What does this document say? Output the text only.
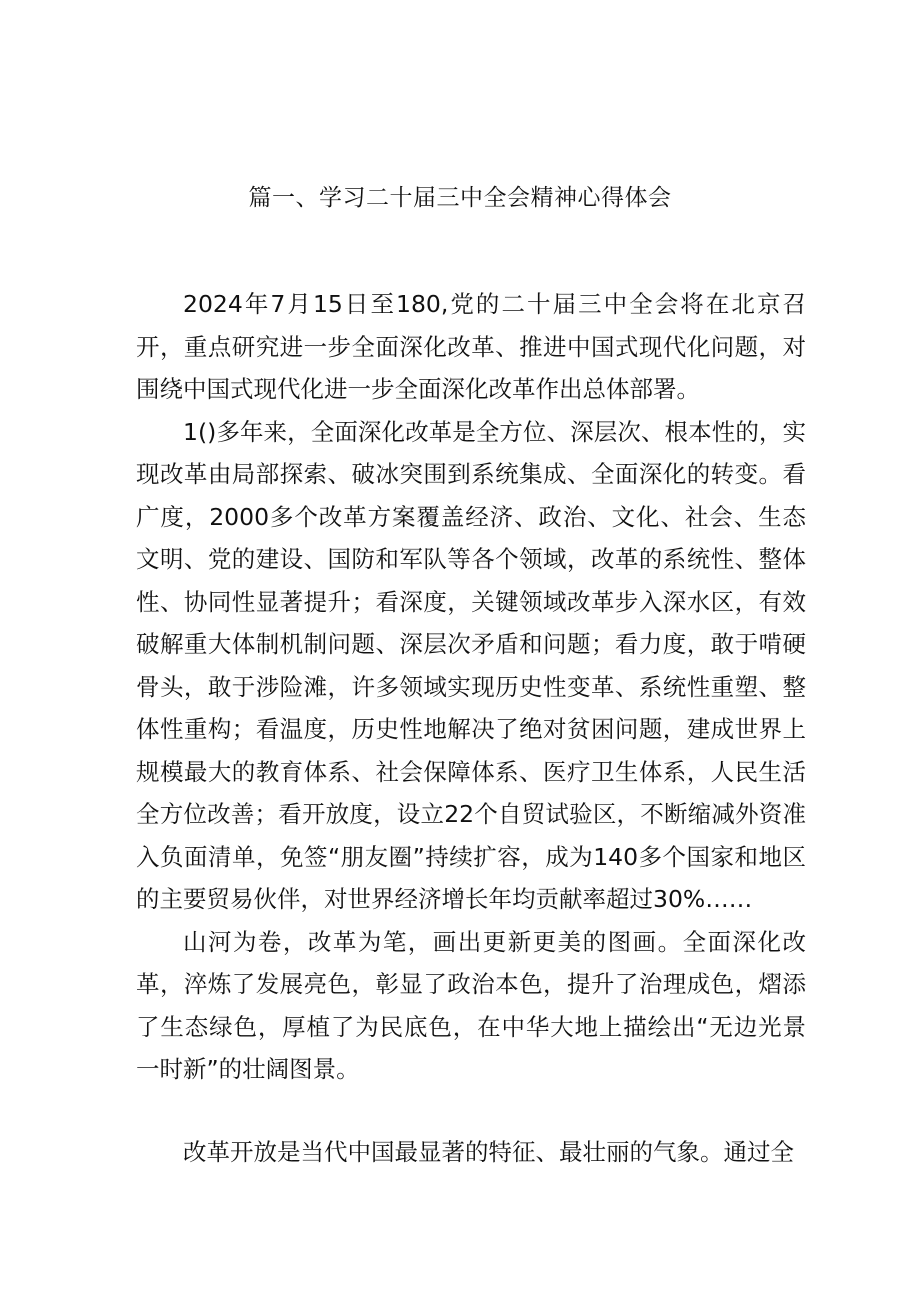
篇一、学习二十届三中全会精神心得体会

2024年7月15日至180,党的二十届三中全会将在北京召开，重点研究进一步全面深化改革、推进中国式现代化问题，对围绕中国式现代化进一步全面深化改革作出总体部署。

1()多年来，全面深化改革是全方位、深层次、根本性的，实现改革由局部探索、破冰突围到系统集成、全面深化的转变。看广度，2000多个改革方案覆盖经济、政治、文化、社会、生态文明、党的建设、国防和军队等各个领域，改革的系统性、整体性、协同性显著提升；看深度，关键领域改革步入深水区，有效破解重大体制机制问题、深层次矛盾和问题；看力度，敢于啃硬骨头，敢于涉险滩，许多领域实现历史性变革、系统性重塑、整体性重构；看温度，历史性地解决了绝对贫困问题，建成世界上规模最大的教育体系、社会保障体系、医疗卫生体系，人民生活全方位改善；看开放度，设立22个自贸试验区，不断缩减外资准入负面清单，免签“朋友圈”持续扩容，成为140多个国家和地区的主要贸易伙伴，对世界经济增长年均贡献率超过30%……

山河为卷，改革为笔，画出更新更美的图画。全面深化改革，淬炼了发展亮色，彰显了政治本色，提升了治理成色，熠添了生态绿色，厚植了为民底色，在中华大地上描绘出“无边光景一时新”的壮阔图景。

改革开放是当代中国最显著的特征、最壮丽的气象。通过全
